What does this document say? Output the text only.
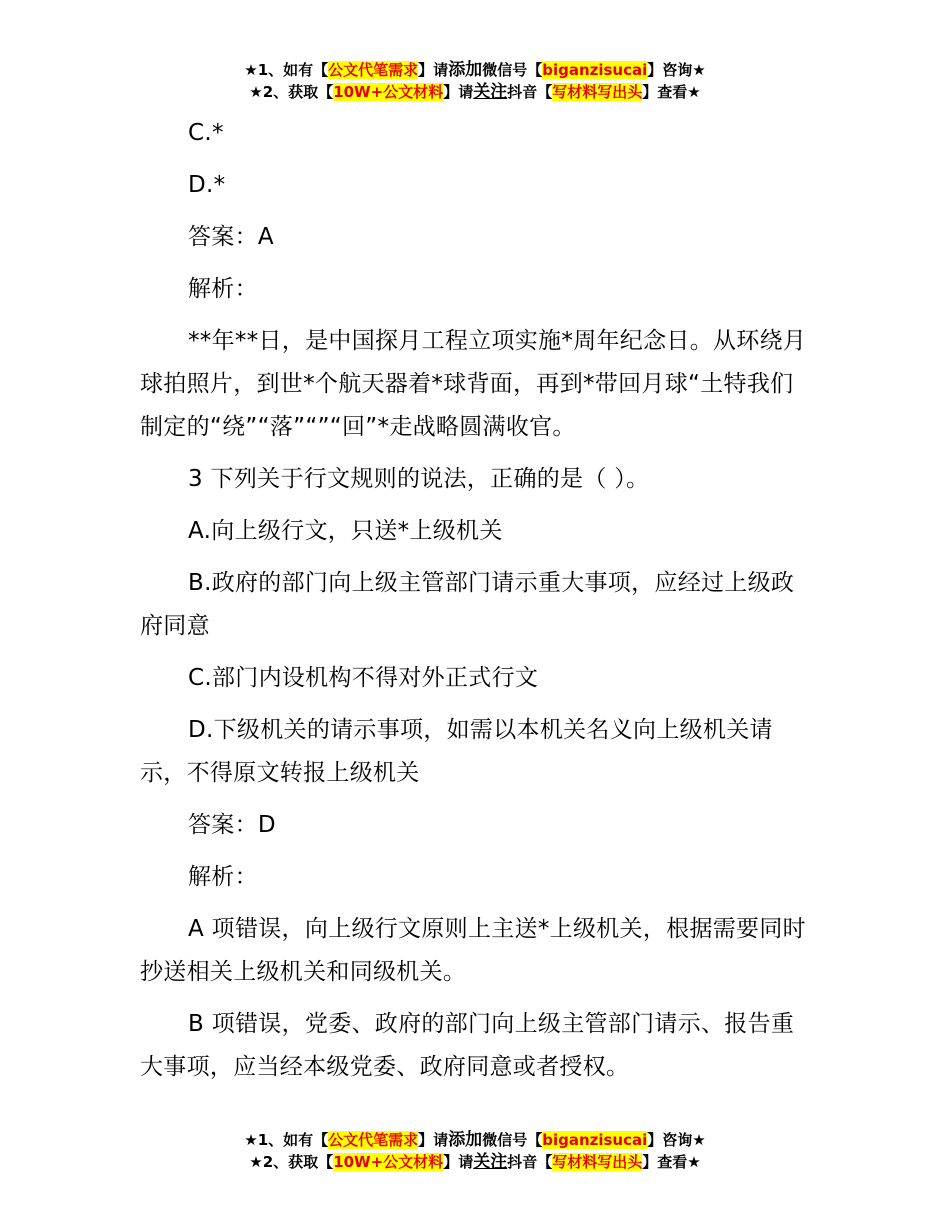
★1、如有【公文代笔需求】请添加微信号【biganzisucai】咨询★
★2、获取【10W+公文材料】请关注抖音【写材料写出头】查看★

C.*

D.*

答案：A

解析：

**年**日，是中国探月工程立项实施*周年纪念日。从环绕月球拍照片，到世*个航天器着*球背面，再到*带回月球“土特我们制定的“绕”“落”“”“回”*走战略圆满收官。

3 下列关于行文规则的说法，正确的是（ ）。

A.向上级行文，只送*上级机关

B.政府的部门向上级主管部门请示重大事项，应经过上级政府同意

C.部门内设机构不得对外正式行文

D.下级机关的请示事项，如需以本机关名义向上级机关请示，不得原文转报上级机关

答案：D

解析：

A 项错误，向上级行文原则上主送*上级机关，根据需要同时抄送相关上级机关和同级机关。

B 项错误，党委、政府的部门向上级主管部门请示、报告重大事项，应当经本级党委、政府同意或者授权。

★1、如有【公文代笔需求】请添加微信号【biganzisucai】咨询★
★2、获取【10W+公文材料】请关注抖音【写材料写出头】查看★
